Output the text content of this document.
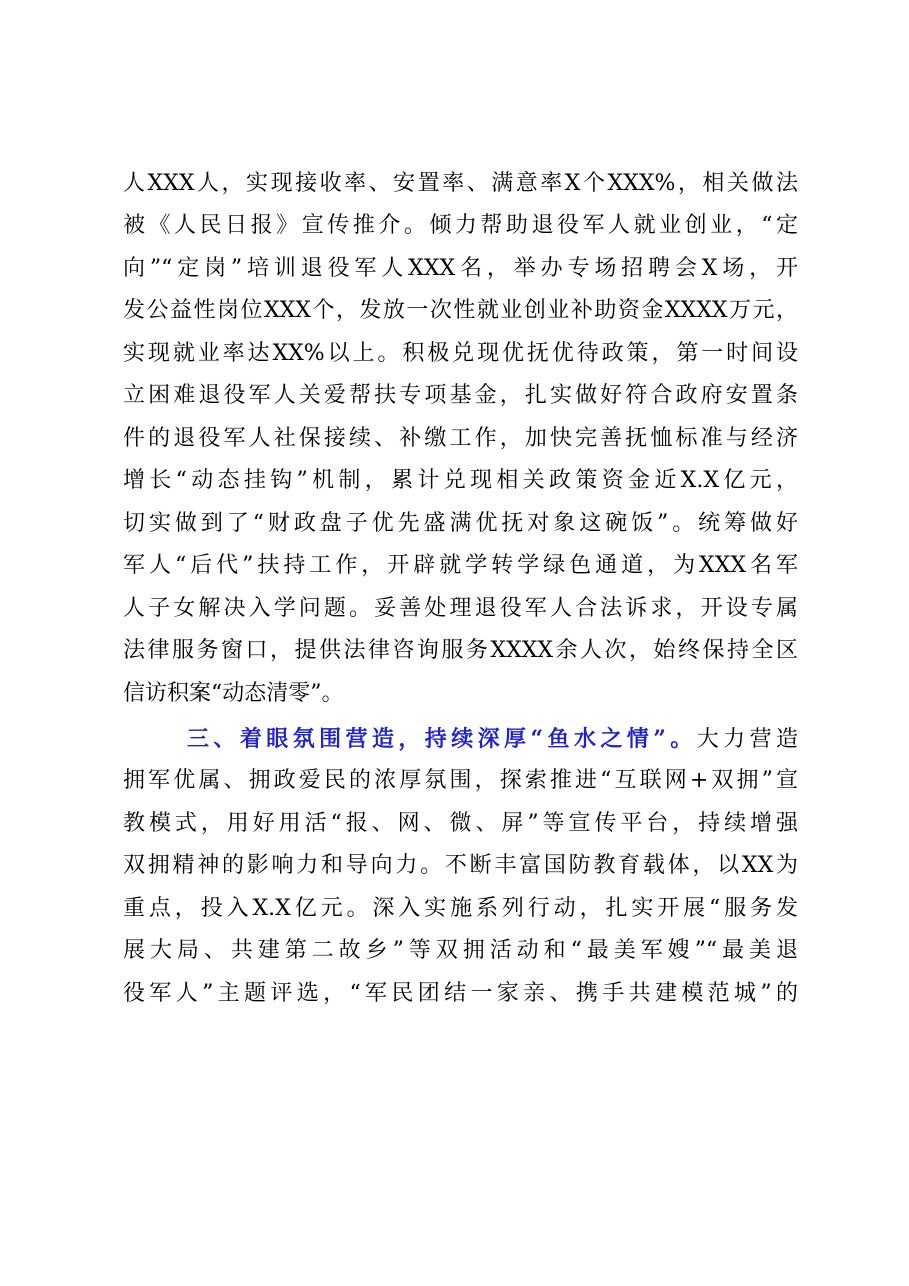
人XXX人，实现接收率、安置率、满意率X个XXX%，相关做法
被《人民日报》宣传推介。倾力帮助退役军人就业创业，“定
向”“定岗”培训退役军人XXX名，举办专场招聘会X场，开
发公益性岗位XXX个，发放一次性就业创业补助资金XXXX万元，
实现就业率达XX%以上。积极兑现优抚优待政策，第一时间设
立困难退役军人关爱帮扶专项基金，扎实做好符合政府安置条
件的退役军人社保接续、补缴工作，加快完善抚恤标准与经济
增长“动态挂钩”机制，累计兑现相关政策资金近X.X亿元，
切实做到了“财政盘子优先盛满优抚对象这碗饭”。统筹做好
军人“后代”扶持工作，开辟就学转学绿色通道，为XXX名军
人子女解决入学问题。妥善处理退役军人合法诉求，开设专属
法律服务窗口，提供法律咨询服务XXXX余人次，始终保持全区
信访积案“动态清零”。
三、着眼氛围营造，持续深厚“鱼水之情”。大力营造
拥军优属、拥政爱民的浓厚氛围，探索推进“互联网+双拥”宣
教模式，用好用活“报、网、微、屏”等宣传平台，持续增强
双拥精神的影响力和导向力。不断丰富国防教育载体，以XX为
重点，投入X.X亿元。深入实施系列行动，扎实开展“服务发
展大局、共建第二故乡”等双拥活动和“最美军嫂”“最美退
役军人”主题评选，“军民团结一家亲、携手共建模范城”的
